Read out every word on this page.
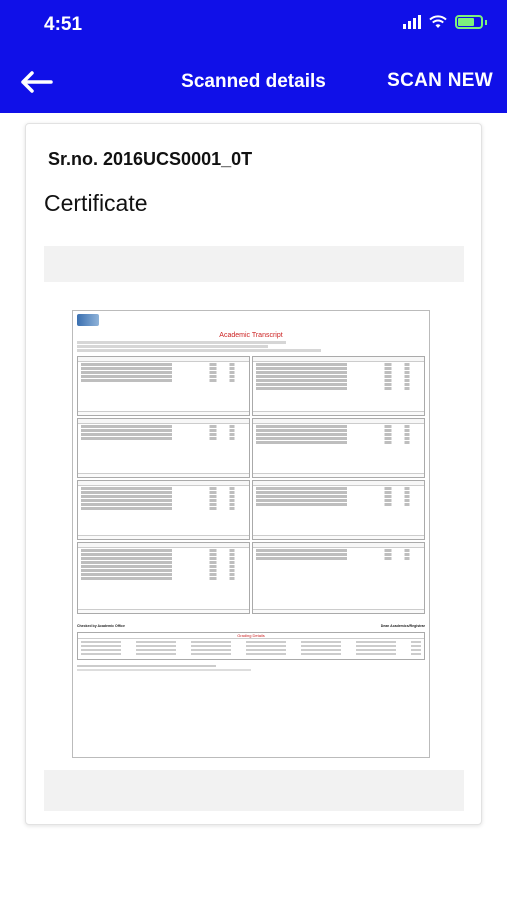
4:51
Scanned details	SCAN NEW
Sr.no. 2016UCS0001_0T
Certificate
Academic Transcript
Checked by Academic Office	Dean Academics/Registrar
Grading Details
